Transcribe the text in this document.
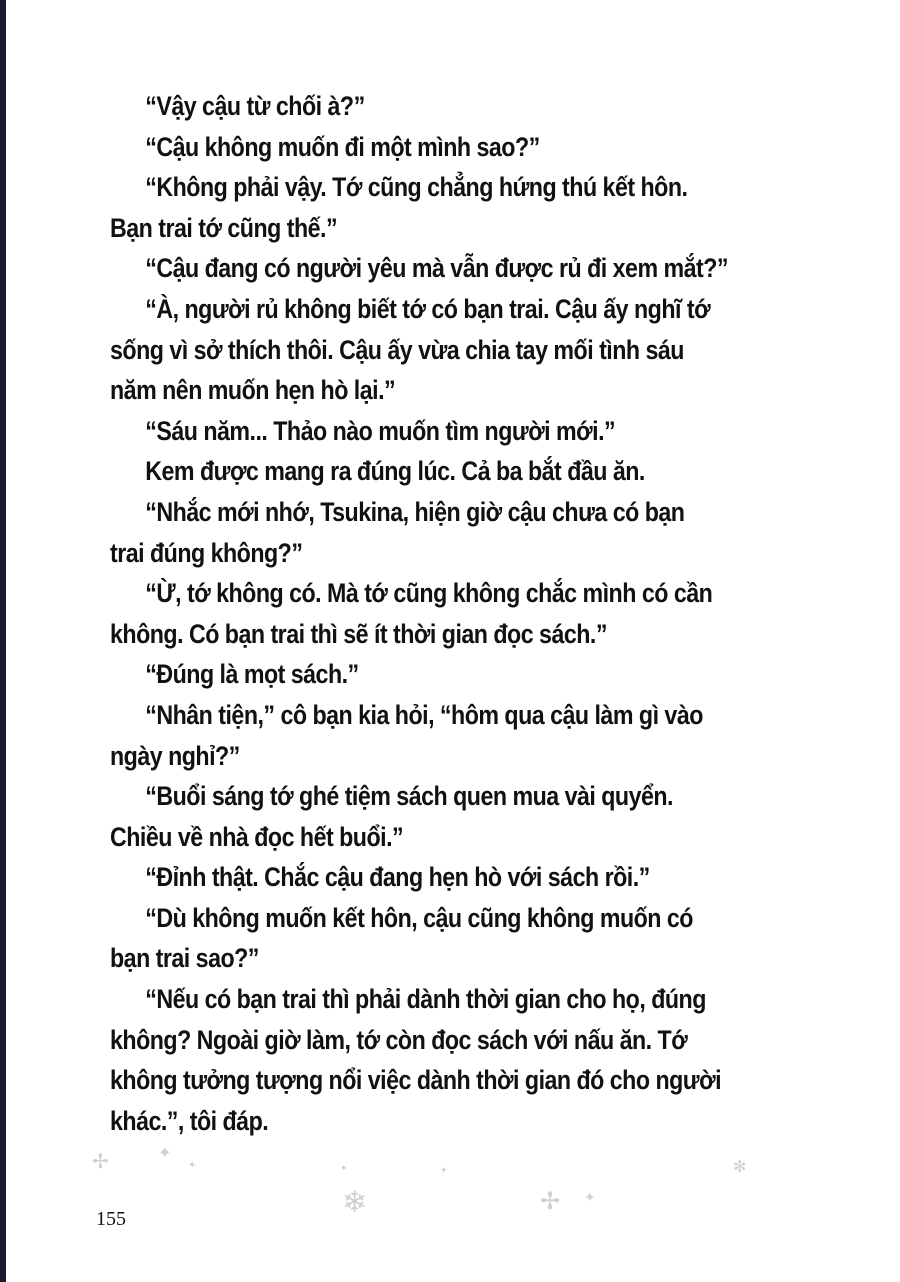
“Vậy cậu từ chối à?”
“Cậu không muốn đi một mình sao?”
“Không phải vậy. Tớ cũng chẳng hứng thú kết hôn.
Bạn trai tớ cũng thế.”
“Cậu đang có người yêu mà vẫn được rủ đi xem mắt?”
“À, người rủ không biết tớ có bạn trai. Cậu ấy nghĩ tớ
sống vì sở thích thôi. Cậu ấy vừa chia tay mối tình sáu
năm nên muốn hẹn hò lại.”
“Sáu năm... Thảo nào muốn tìm người mới.”
Kem được mang ra đúng lúc. Cả ba bắt đầu ăn.
“Nhắc mới nhớ, Tsukina, hiện giờ cậu chưa có bạn
trai đúng không?”
“Ừ, tớ không có. Mà tớ cũng không chắc mình có cần
không. Có bạn trai thì sẽ ít thời gian đọc sách.”
“Đúng là mọt sách.”
“Nhân tiện,” cô bạn kia hỏi, “hôm qua cậu làm gì vào
ngày nghỉ?”
“Buổi sáng tớ ghé tiệm sách quen mua vài quyển.
Chiều về nhà đọc hết buổi.”
“Đỉnh thật. Chắc cậu đang hẹn hò với sách rồi.”
“Dù không muốn kết hôn, cậu cũng không muốn có
bạn trai sao?”
“Nếu có bạn trai thì phải dành thời gian cho họ, đúng
không? Ngoài giờ làm, tớ còn đọc sách với nấu ăn. Tớ
không tưởng tượng nổi việc dành thời gian đó cho người
khác.”, tôi đáp.
✢	✦
✦	✦	✦
❄	✢ ✦
✻
155
